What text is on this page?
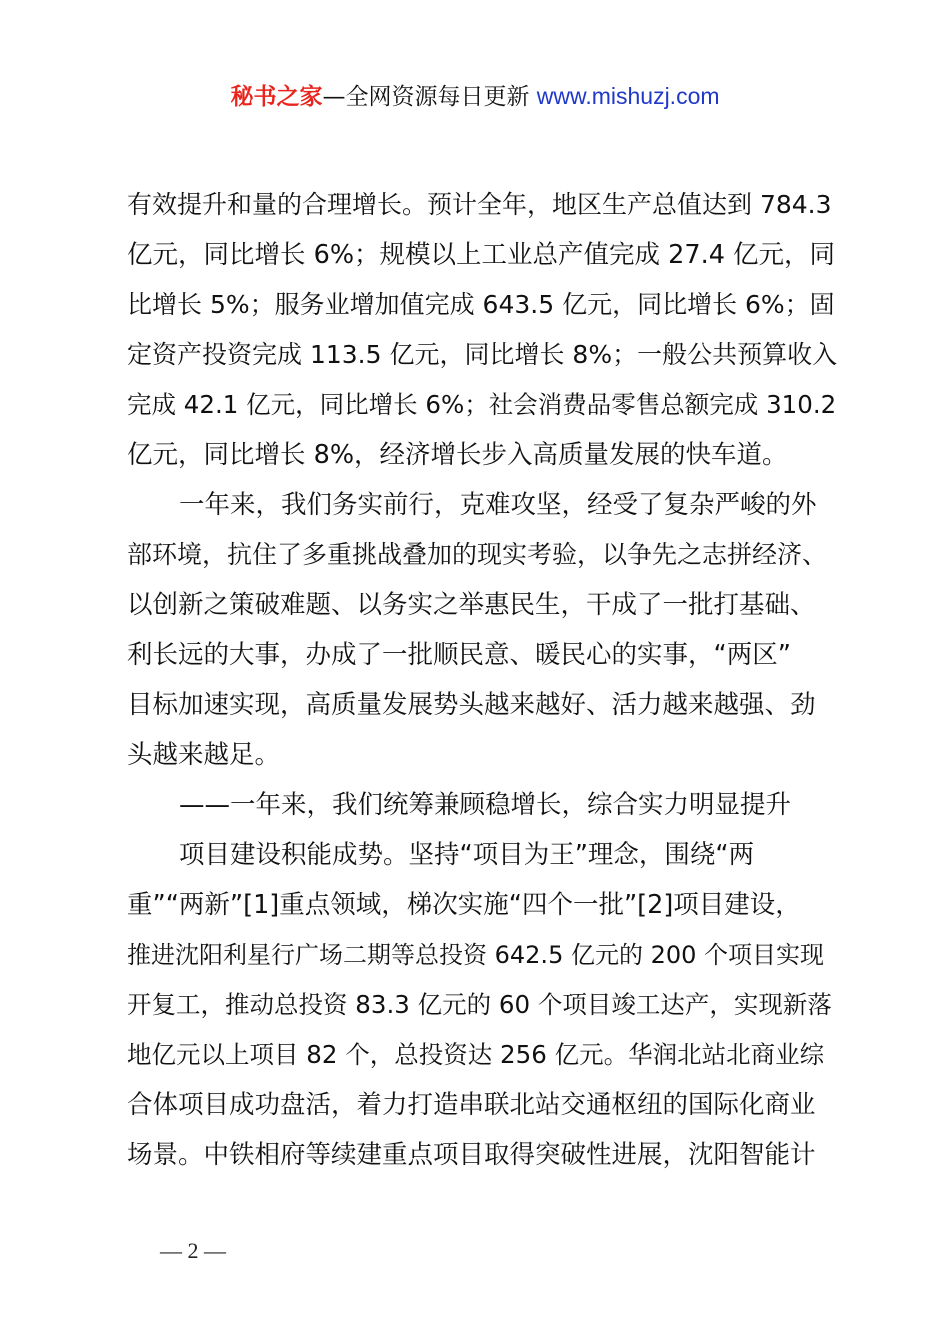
秘书之家—全网资源每日更新 www.mishuzj.com
有效提升和量的合理增长。预计全年，地区生产总值达到 784.3
亿元，同比增长 6%；规模以上工业总产值完成 27.4 亿元，同
比增长 5%；服务业增加值完成 643.5 亿元，同比增长 6%；固
定资产投资完成 113.5 亿元，同比增长 8%；一般公共预算收入
完成 42.1 亿元，同比增长 6%；社会消费品零售总额完成 310.2
亿元，同比增长 8%，经济增长步入高质量发展的快车道。
一年来，我们务实前行，克难攻坚，经受了复杂严峻的外
部环境，抗住了多重挑战叠加的现实考验，以争先之志拼经济、
以创新之策破难题、以务实之举惠民生，干成了一批打基础、
利长远的大事，办成了一批顺民意、暖民心的实事，“两区”
目标加速实现，高质量发展势头越来越好、活力越来越强、劲
头越来越足。
——一年来，我们统筹兼顾稳增长，综合实力明显提升
项目建设积能成势。坚持“项目为王”理念，围绕“两
重”“两新”[1]重点领域，梯次实施“四个一批”[2]项目建设，
推进沈阳利星行广场二期等总投资 642.5 亿元的 200 个项目实现
开复工，推动总投资 83.3 亿元的 60 个项目竣工达产，实现新落
地亿元以上项目 82 个，总投资达 256 亿元。华润北站北商业综
合体项目成功盘活，着力打造串联北站交通枢纽的国际化商业
场景。中铁相府等续建重点项目取得突破性进展，沈阳智能计
— 2 —
